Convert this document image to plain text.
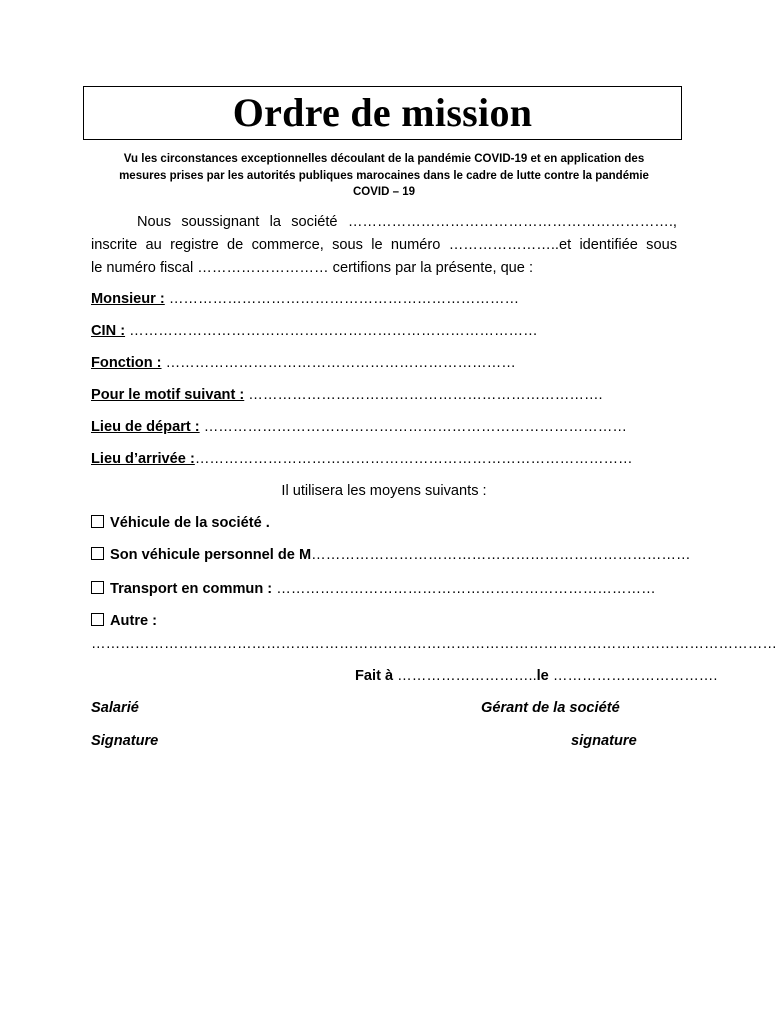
Ordre de mission
Vu les circonstances exceptionnelles découlant de la pandémie COVID-19 et en application des
mesures prises par les autorités publiques marocaines dans le cadre de lutte contre la pandémie
COVID – 19
Nous soussignant la société ………………………………………………………….,
inscrite au registre de commerce, sous le numéro …………………..et identifiée sous
le numéro fiscal ……………………… certifions par la présente, que :
Monsieur : ………………………………………………………………
CIN : …………………………………………………………………………
Fonction : ………………………………………………………………
Pour le motif suivant : ……………………………………………………………….
Lieu de départ : ……………………………………………………………………………
Lieu d’arrivée :………………………………………………………………………………
Il utilisera les moyens suivants :
Véhicule de la société .
Son véhicule personnel de M……………………………………………………………………
Transport en commun : ……………………………………………………………………
Autre :
……………………………………………………………………………………………………………………………
Fait à ………………………..le …………………………….
Salarié	Gérant de la société
Signature	signature
